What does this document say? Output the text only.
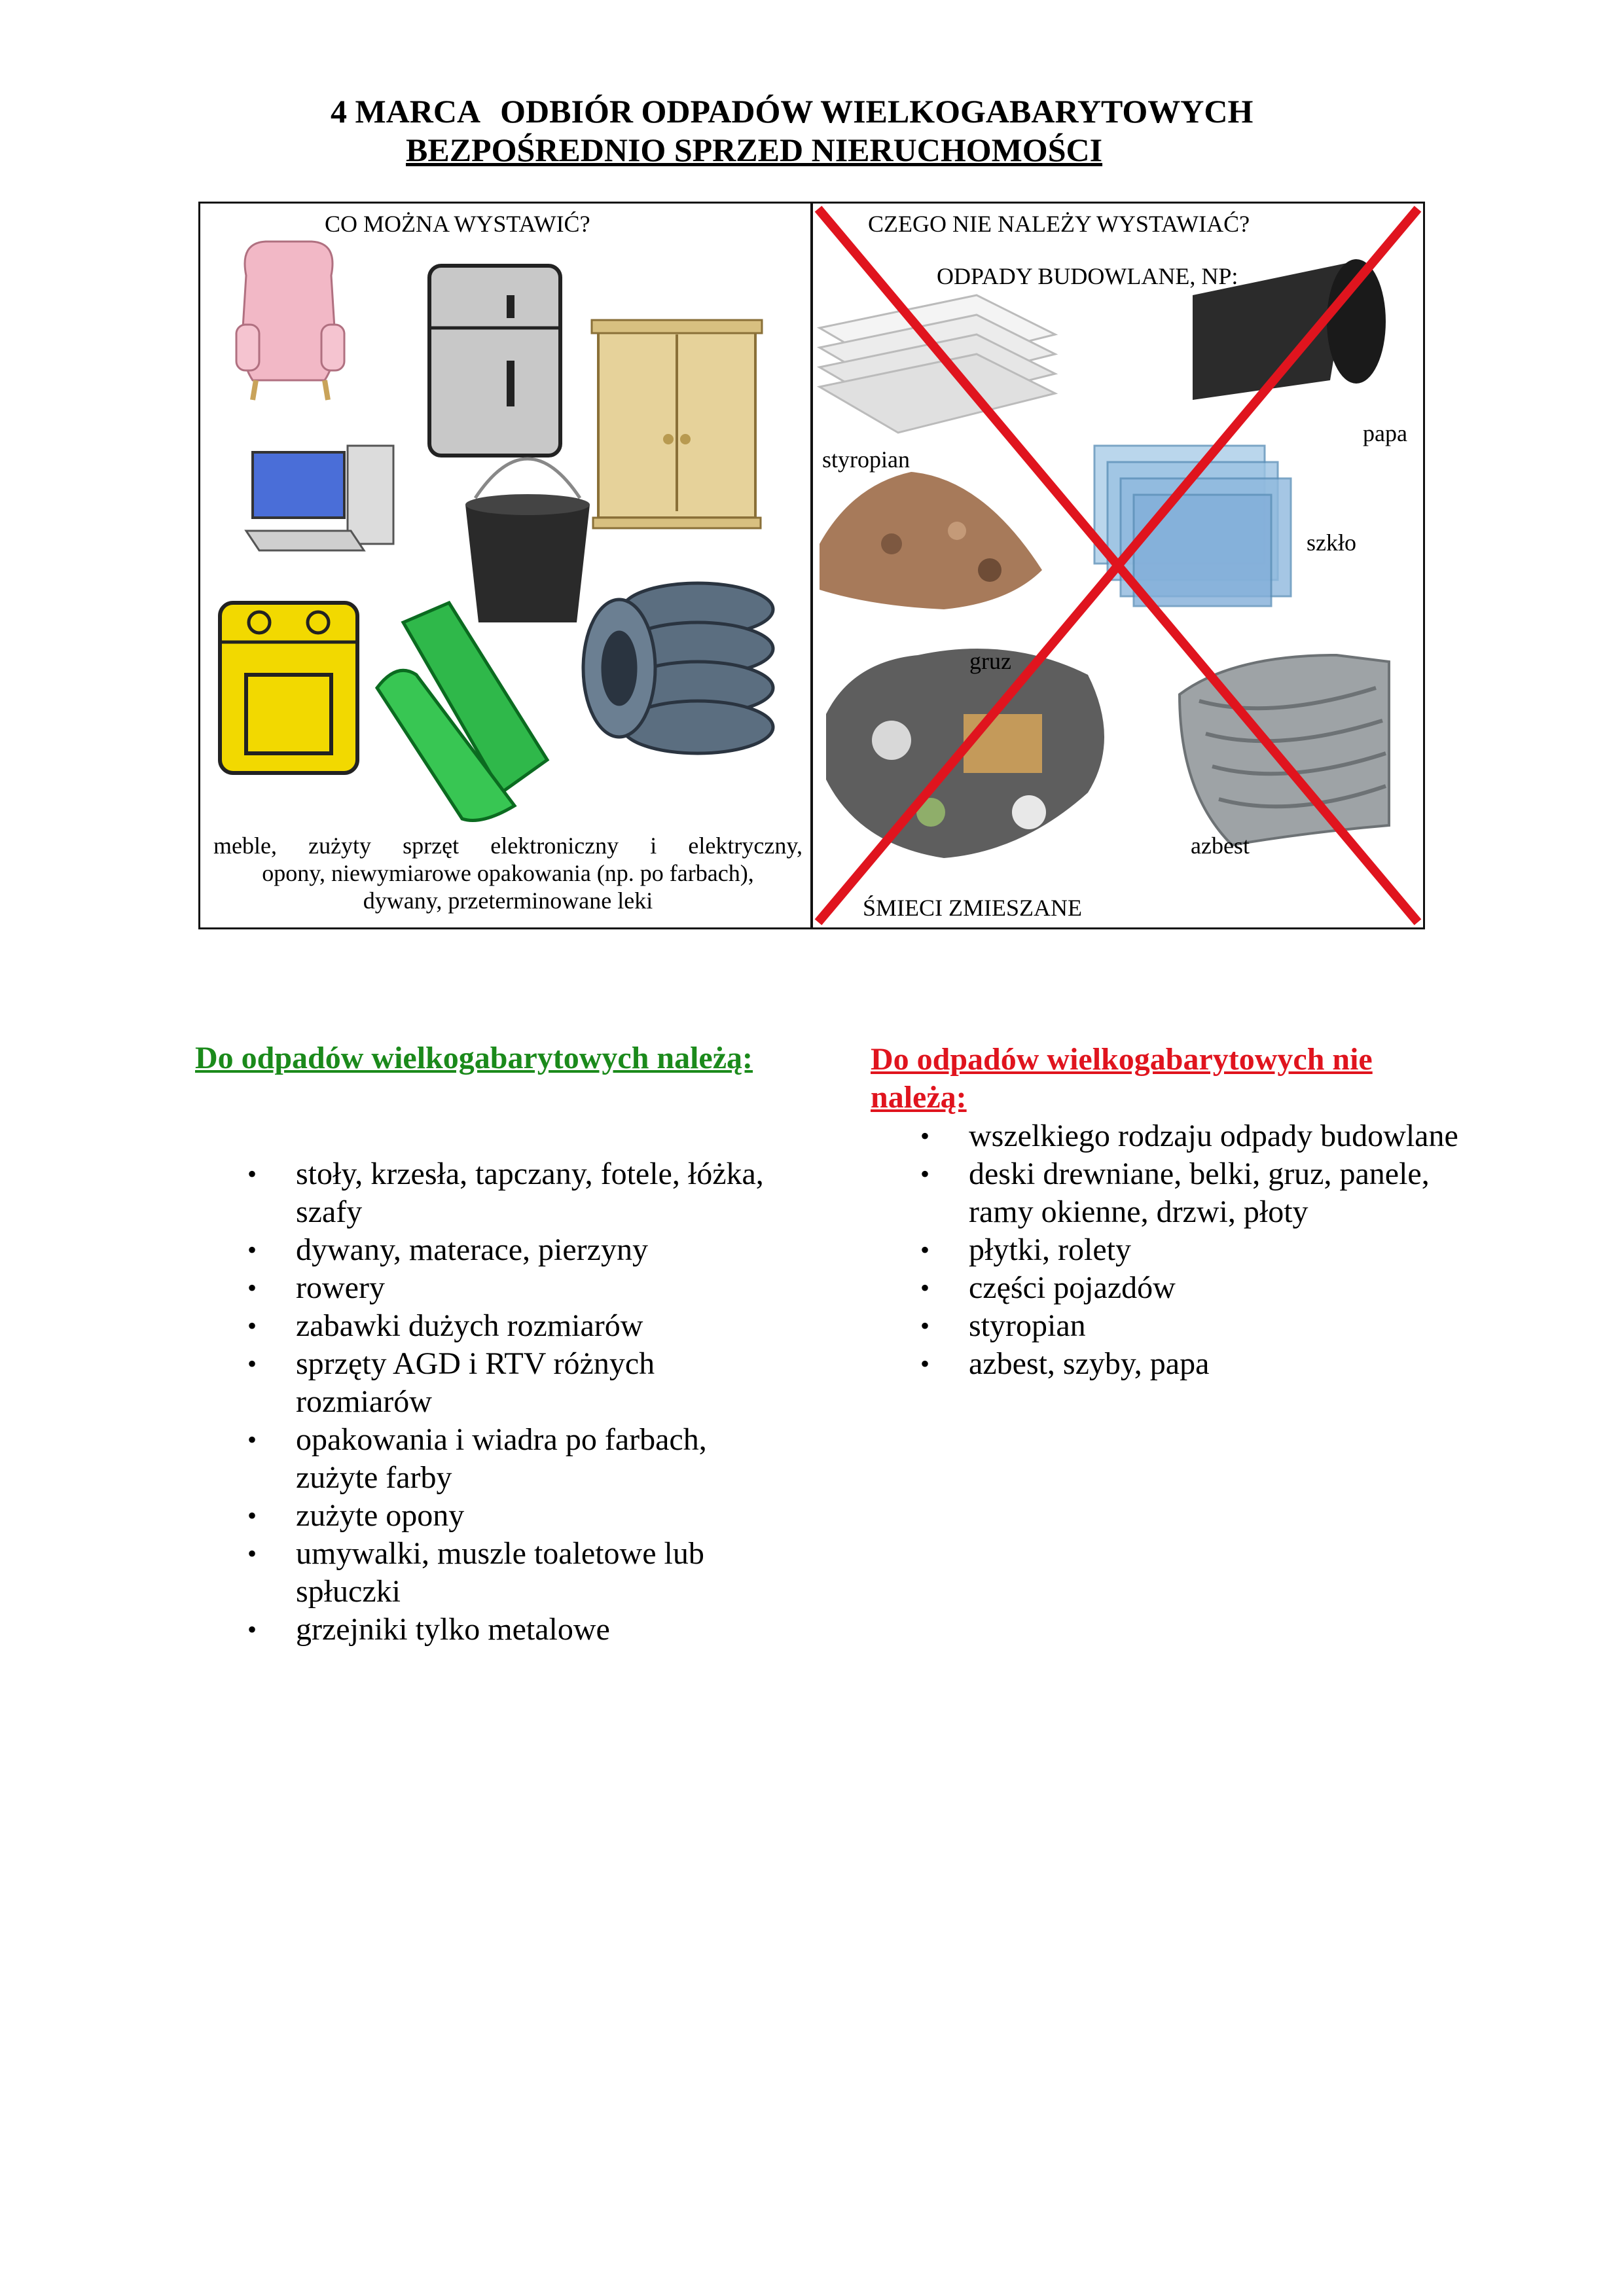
4 MARCA ODBIÓR ODPADÓW WIELKOGABARYTOWYCH
BEZPOŚREDNIO SPRZED NIERUCHOMOŚCI
CO MOŻNA WYSTAWIĆ?
meble, zużyty sprzęt elektroniczny i elektryczny,
opony, niewymiarowe opakowania (np. po farbach),
dywany, przeterminowane leki
CZEGO NIE NALEŻY WYSTAWIAĆ?
ODPADY BUDOWLANE, NP:
styropian
papa
szkło
gruz
azbest
ŚMIECI ZMIESZANE
Do odpadów wielkogabarytowych należą:
• stoły, krzesła, tapczany, fotele, łóżka, szafy
• dywany, materace, pierzyny
• rowery
• zabawki dużych rozmiarów
• sprzęty AGD i RTV różnych rozmiarów
• opakowania i wiadra po farbach, zużyte farby
• zużyte opony
• umywalki, muszle toaletowe lub spłuczki
• grzejniki tylko metalowe
Do odpadów wielkogabarytowych nie należą:
• wszelkiego rodzaju odpady budowlane
• deski drewniane, belki, gruz, panele, ramy okienne, drzwi, płoty
• płytki, rolety
• części pojazdów
• styropian
• azbest, szyby, papa
